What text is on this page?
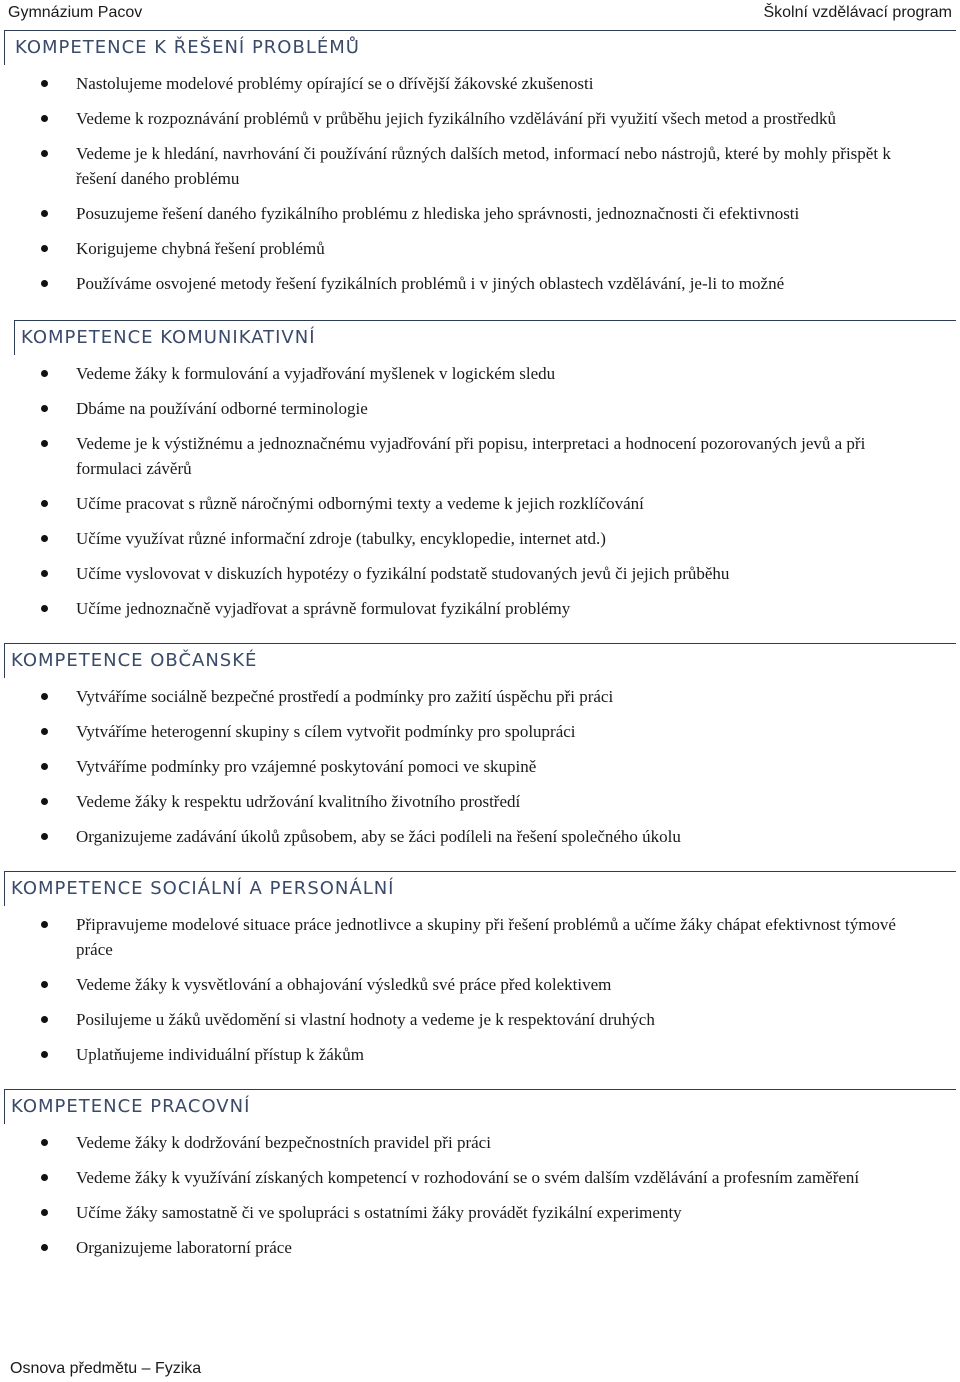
Gymnázium Pacov	Školní vzdělávací program
KOMPETENCE K ŘEŠENÍ PROBLÉMŮ
Nastolujeme modelové problémy opírající se o dřívější žákovské zkušenosti
Vedeme k rozpoznávání problémů v průběhu jejich fyzikálního vzdělávání při využití všech metod a prostředků
Vedeme je k hledání, navrhování či používání různých dalších metod, informací nebo nástrojů, které by mohly přispět k řešení daného problému
Posuzujeme řešení daného fyzikálního problému z hlediska jeho správnosti, jednoznačnosti či efektivnosti
Korigujeme chybná řešení problémů
Používáme osvojené metody řešení fyzikálních problémů i v jiných oblastech vzdělávání, je-li to možné
KOMPETENCE KOMUNIKATIVNÍ
Vedeme žáky k formulování a vyjadřování myšlenek v logickém sledu
Dbáme na používání odborné terminologie
Vedeme je k výstižnému a jednoznačnému vyjadřování při popisu, interpretaci a hodnocení pozorovaných jevů a při formulaci závěrů
Učíme pracovat s různě náročnými odbornými texty a vedeme k jejich rozklíčování
Učíme využívat různé informační zdroje (tabulky, encyklopedie, internet atd.)
Učíme vyslovovat v diskuzích hypotézy o fyzikální podstatě studovaných jevů či jejich průběhu
Učíme jednoznačně vyjadřovat a správně formulovat fyzikální problémy
KOMPETENCE OBČANSKÉ
Vytváříme sociálně bezpečné prostředí a podmínky pro zažití úspěchu při práci
Vytváříme heterogenní skupiny s cílem vytvořit podmínky pro spolupráci
Vytváříme podmínky pro vzájemné poskytování pomoci ve skupině
Vedeme žáky k respektu udržování kvalitního životního prostředí
Organizujeme zadávání úkolů způsobem, aby se žáci podíleli na řešení společného úkolu
KOMPETENCE SOCIÁLNÍ A PERSONÁLNÍ
Připravujeme modelové situace práce jednotlivce a skupiny při řešení problémů a učíme žáky chápat efektivnost týmové práce
Vedeme žáky k vysvětlování a obhajování výsledků své práce před kolektivem
Posilujeme u žáků uvědomění si vlastní hodnoty a vedeme je k respektování druhých
Uplatňujeme individuální přístup k žákům
KOMPETENCE PRACOVNÍ
Vedeme žáky k dodržování bezpečnostních pravidel při práci
Vedeme žáky k využívání získaných kompetencí v rozhodování se o svém dalším vzdělávání a profesním zaměření
Učíme žáky samostatně či ve spolupráci s ostatními žáky provádět fyzikální experimenty
Organizujeme laboratorní práce
Osnova předmětu – Fyzika
